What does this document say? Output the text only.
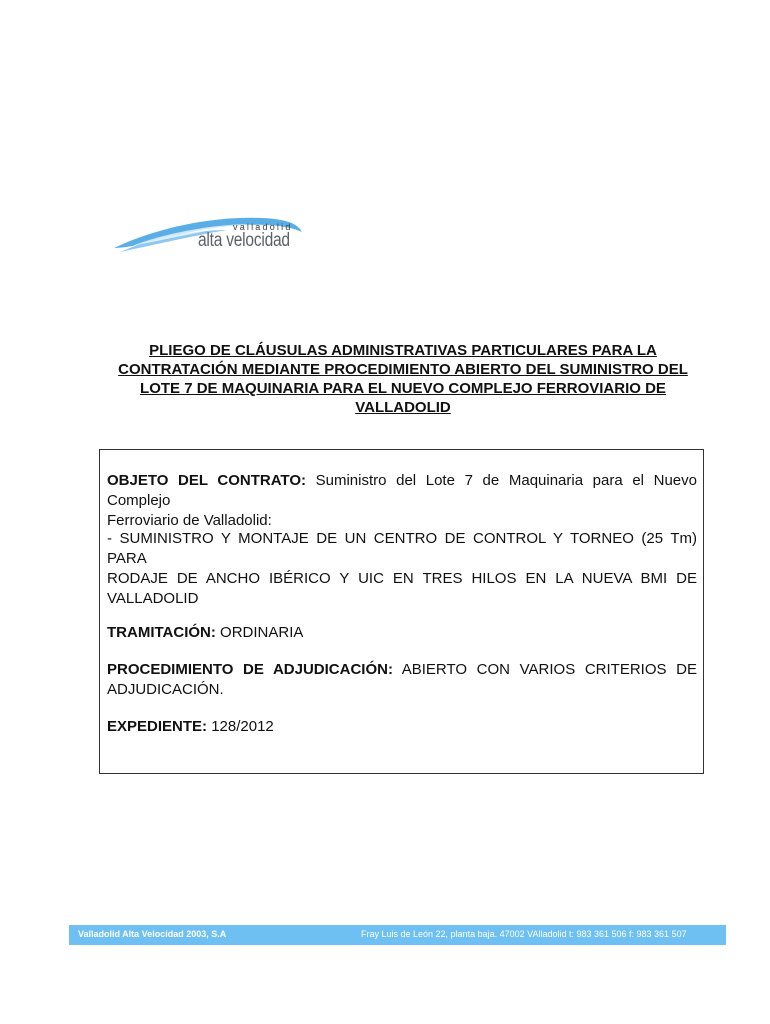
valladolid
alta velocidad
PLIEGO DE CLÁUSULAS ADMINISTRATIVAS PARTICULARES PARA LA
CONTRATACIÓN MEDIANTE PROCEDIMIENTO ABIERTO DEL SUMINISTRO DEL
LOTE 7 DE MAQUINARIA PARA EL NUEVO COMPLEJO FERROVIARIO DE
VALLADOLID
OBJETO DEL CONTRATO: Suministro del Lote 7 de Maquinaria para el Nuevo Complejo
Ferroviario de Valladolid:
- SUMINISTRO Y MONTAJE DE UN CENTRO DE CONTROL Y TORNEO (25 Tm) PARA
RODAJE DE ANCHO IBÉRICO Y UIC EN TRES HILOS EN LA NUEVA BMI DE
VALLADOLID
TRAMITACIÓN: ORDINARIA
PROCEDIMIENTO DE ADJUDICACIÓN: ABIERTO CON VARIOS CRITERIOS DE
ADJUDICACIÓN.
EXPEDIENTE: 128/2012
Valladolid Alta Velocidad 2003, S.A	Fray Luis de León 22, planta baja. 47002 VAlladolid t: 983 361 506 f: 983 361 507
